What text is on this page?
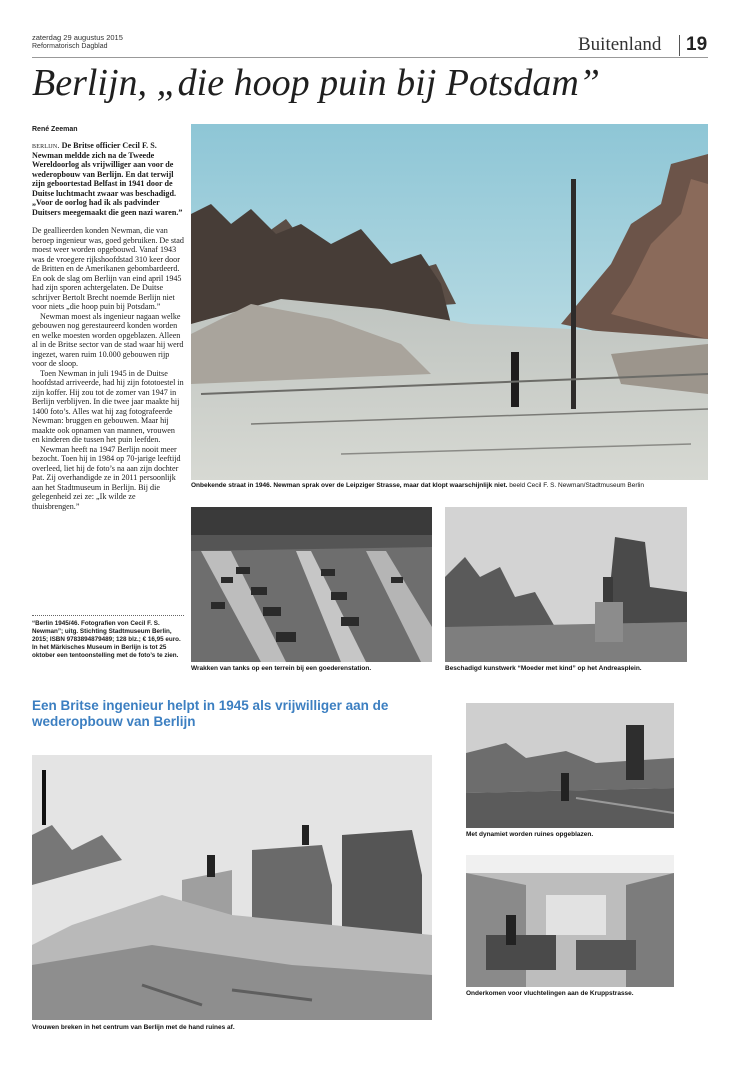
zaterdag 29 augustus 2015
Reformatorisch Dagblad	Buitenland 19
Berlijn, „die hoop puin bij Potsdam”
René Zeeman

berlijn. De Britse officier Cecil F. S. Newman meldde zich na de Tweede Wereldoorlog als vrijwilliger aan voor de wederopbouw van Berlijn. En dat terwijl zijn geboortestad Belfast in 1941 door de Duitse luchtmacht zwaar was beschadigd. „Voor de oorlog had ik als padvinder Duitsers meegemaakt die geen nazi waren.”

De geallieerden konden Newman, die van beroep ingenieur was, goed gebruiken. De stad moest weer worden opgebouwd. Vanaf 1943 was de vroegere rijkshoofdstad 310 keer door de Britten en de Amerikanen gebombardeerd. En ook de slag om Berlijn van eind april 1945 had zijn sporen achtergelaten. De Duitse schrijver Bertolt Brecht noemde Berlijn niet voor niets „die hoop puin bij Potsdam.”

Newman moest als ingenieur nagaan welke gebouwen nog gerestaureerd konden worden en welke moesten worden opgeblazen. Alleen al in de Britse sector van de stad waar hij werd ingezet, waren ruim 10.000 gebouwen rijp voor de sloop.

Toen Newman in juli 1945 in de Duitse hoofdstad arriveerde, had hij zijn fototoestel in zijn koffer. Hij zou tot de zomer van 1947 in Berlijn verblijven. In die twee jaar maakte hij 1400 foto’s. Alles wat hij zag fotografeerde Newman: bruggen en gebouwen. Maar hij maakte ook opnamen van mannen, vrouwen en kinderen die tussen het puin leefden.

Newman heeft na 1947 Berlijn nooit meer bezocht. Toen hij in 1984 op 70-jarige leeftijd overleed, liet hij de foto’s na aan zijn dochter Pat. Zij overhandigde ze in 2011 persoonlijk aan het Stadtmuseum in Berlijn. Bij die gelegenheid zei ze: „Ik wilde ze thuisbrengen.”

“Berlin 1945/46. Fotografien von Cecil F. S. Newman”; uitg. Stichting Stadtmuseum Berlin, 2015; ISBN 9783894879489; 128 blz.; € 16,95 euro. In het Märkisches Museum in Berlijn is tot 25 oktober een tentoonstelling met de foto’s te zien.
Onbekende straat in 1946. Newman sprak over de Leipziger Strasse, maar dat klopt waarschijnlijk niet. beeld Cecil F. S. Newman/Stadtmuseum Berlin
Wrakken van tanks op een terrein bij een goederenstation.	Beschadigd kunstwerk “Moeder met kind” op het Andreasplein.
Een Britse ingenieur helpt in 1945 als vrijwilliger aan de wederopbouw van Berlijn
Met dynamiet worden ruines opgeblazen.
Onderkomen voor vluchtelingen aan de Kruppstrasse.
Vrouwen breken in het centrum van Berlijn met de hand ruines af.
